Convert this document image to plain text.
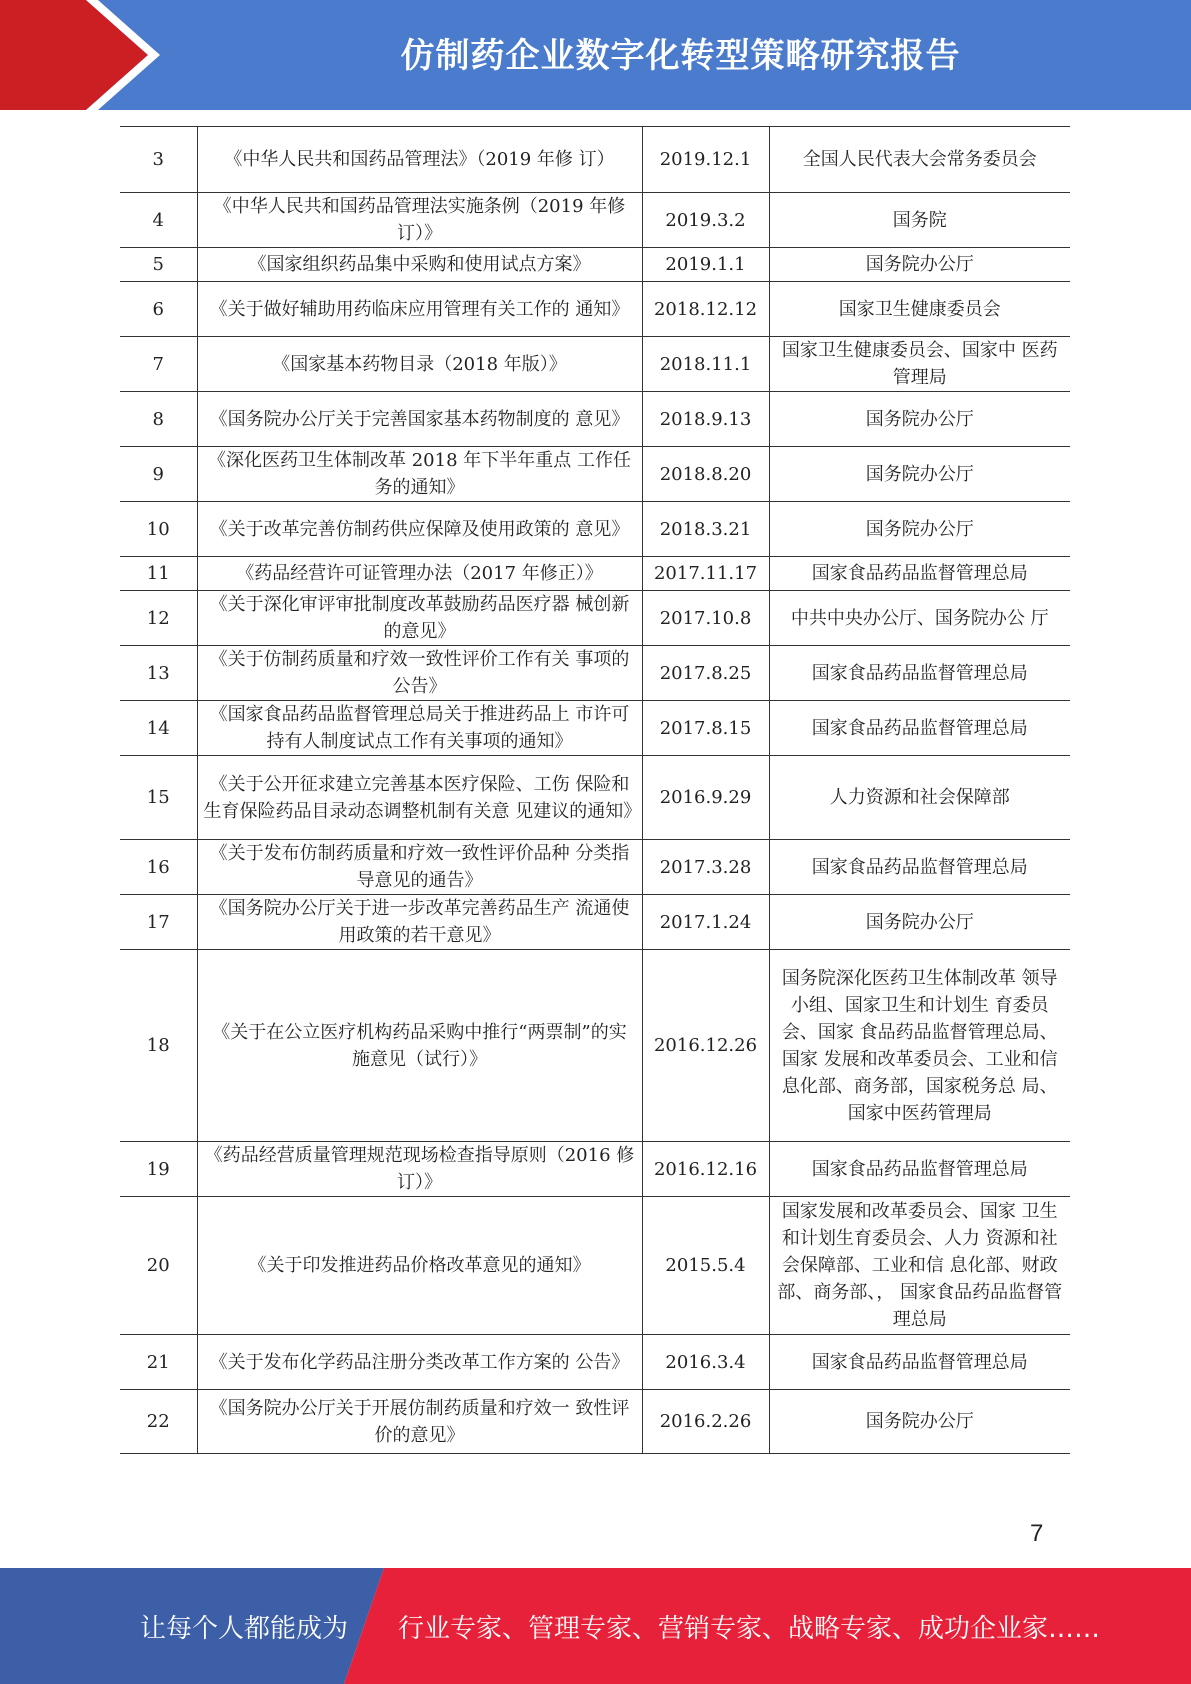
仿制药企业数字化转型策略研究报告
3	《中华人民共和国药品管理法》（2019 年修 订）	2019.12.1	全国人民代表大会常务委员会
4	《中华人民共和国药品管理法实施条例（2019 年修订）》	2019.3.2	国务院
5	《国家组织药品集中采购和使用试点方案》	2019.1.1	国务院办公厅
6	《关于做好辅助用药临床应用管理有关工作的 通知》	2018.12.12	国家卫生健康委员会
7	《国家基本药物目录（2018 年版）》	2018.11.1	国家卫生健康委员会、国家中 医药管理局
8	《国务院办公厅关于完善国家基本药物制度的 意见》	2018.9.13	国务院办公厅
9	《深化医药卫生体制改革 2018 年下半年重点 工作任务的通知》	2018.8.20	国务院办公厅
10	《关于改革完善仿制药供应保障及使用政策的 意见》	2018.3.21	国务院办公厅
11	《药品经营许可证管理办法（2017 年修正）》	2017.11.17	国家食品药品监督管理总局
12	《关于深化审评审批制度改革鼓励药品医疗器 械创新的意见》	2017.10.8	中共中央办公厅、国务院办公 厅
13	《关于仿制药质量和疗效一致性评价工作有关 事项的公告》	2017.8.25	国家食品药品监督管理总局
14	《国家食品药品监督管理总局关于推进药品上 市许可持有人制度试点工作有关事项的通知》	2017.8.15	国家食品药品监督管理总局
15	《关于公开征求建立完善基本医疗保险、工伤 保险和生育保险药品目录动态调整机制有关意 见建议的通知》	2016.9.29	人力资源和社会保障部
16	《关于发布仿制药质量和疗效一致性评价品种 分类指导意见的通告》	2017.3.28	国家食品药品监督管理总局
17	《国务院办公厅关于进一步改革完善药品生产 流通使用政策的若干意见》	2017.1.24	国务院办公厅
18	《关于在公立医疗机构药品采购中推行“两票制”的实施意见（试行）》	2016.12.26	国务院深化医药卫生体制改革 领导小组、国家卫生和计划生 育委员会、国家 食品药品监督管理总局、国家 发展和改革委员会、工业和信 息化部、商务部，国家税务总 局、国家中医药管理局
19	《药品经营质量管理规范现场检查指导原则（2016 修订）》	2016.12.16	国家食品药品监督管理总局
20	《关于印发推进药品价格改革意见的通知》	2015.5.4	国家发展和改革委员会、国家 卫生和计划生育委员会、人力 资源和社会保障部、工业和信 息化部、财政部、商务部、， 国家食品药品监督管理总局
21	《关于发布化学药品注册分类改革工作方案的 公告》	2016.3.4	国家食品药品监督管理总局
22	《国务院办公厅关于开展仿制药质量和疗效一 致性评价的意见》	2016.2.26	国务院办公厅
7
让每个人都能成为 行业专家、管理专家、营销专家、战略专家、成功企业家……
